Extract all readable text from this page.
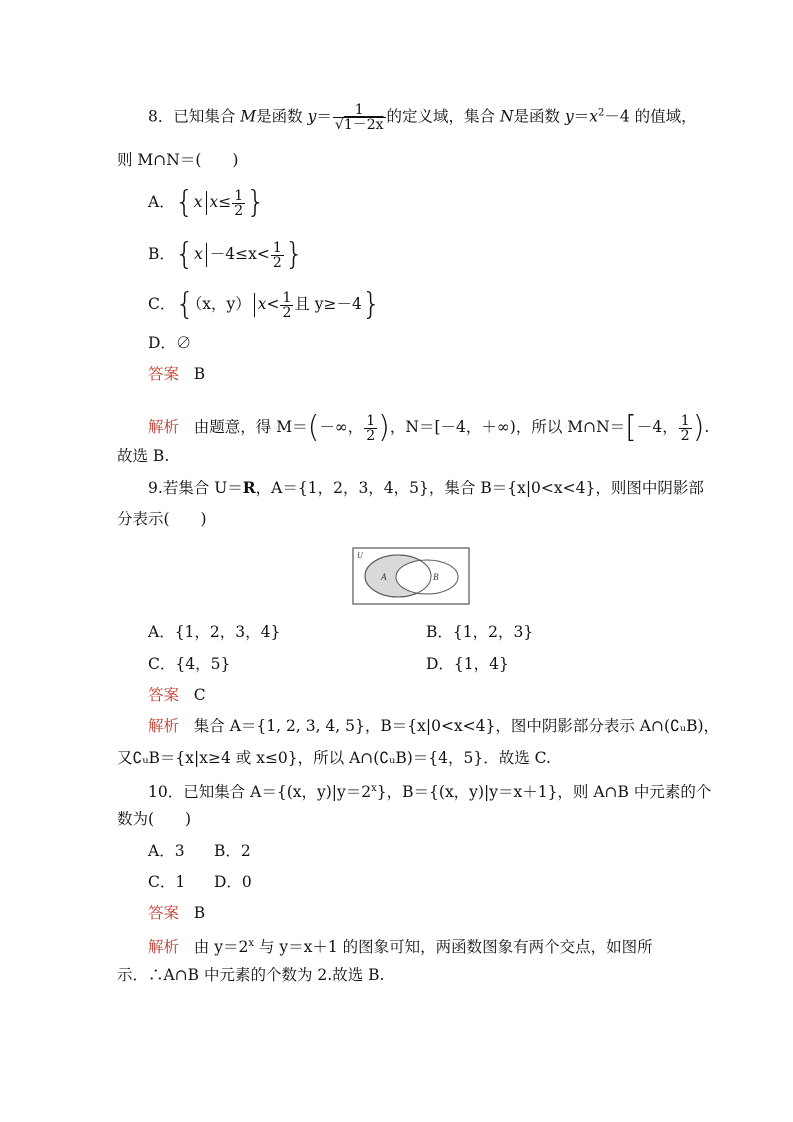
8．已知集合 M是函数 $y= \frac{1}{√1-2x}$ 的定义域，集合 N是函数 $y=x^2-4$ 的值域，
则 M∩N＝(　　)
A．{x $x\le \frac{1}{2}$ }
B．{$x -4\le x< \frac{1}{2}$ }
C．{（x，y） $x< \frac{1}{2}$ 且 y≥－4}
D．∅
答案 B
解析 由题意，得 M＝(－∞， $\frac{1}{2}$ )，N＝[－4，＋∞)，所以 M∩N＝[－4， $\frac{1}{2}$ ).
故选 B.
9.若集合 U＝R，A＝{1，2，3，4，5}，集合 B＝{x|0<x<4}，则图中阴影部
分表示(　　)
U
A	B
A．{1，2，3，4}	B．{1，2，3}
C．{4，5}	D．{1，4}
答案 C
解析 集合 A＝{1, 2, 3, 4, 5}，B＝{x|0<x<4}，图中阴影部分表示 A∩(∁ᵤB)，
又∁ᵤB＝{x|x≥4 或 x≤0}，所以 A∩(∁ᵤB)＝{4，5}．故选 C.
10．已知集合 A＝{(x，$y)|y=2^x$}，B＝{(x，y)|y＝x＋1}，则 A∩B 中元素的个
数为(　　)
A．3 B．2
C．1 D．0
答案 B
解析 由 $y=2^x$ 与 y＝x＋1 的图象可知，两函数图象有两个交点，如图所
示．∴A∩B 中元素的个数为 2.故选 B.
